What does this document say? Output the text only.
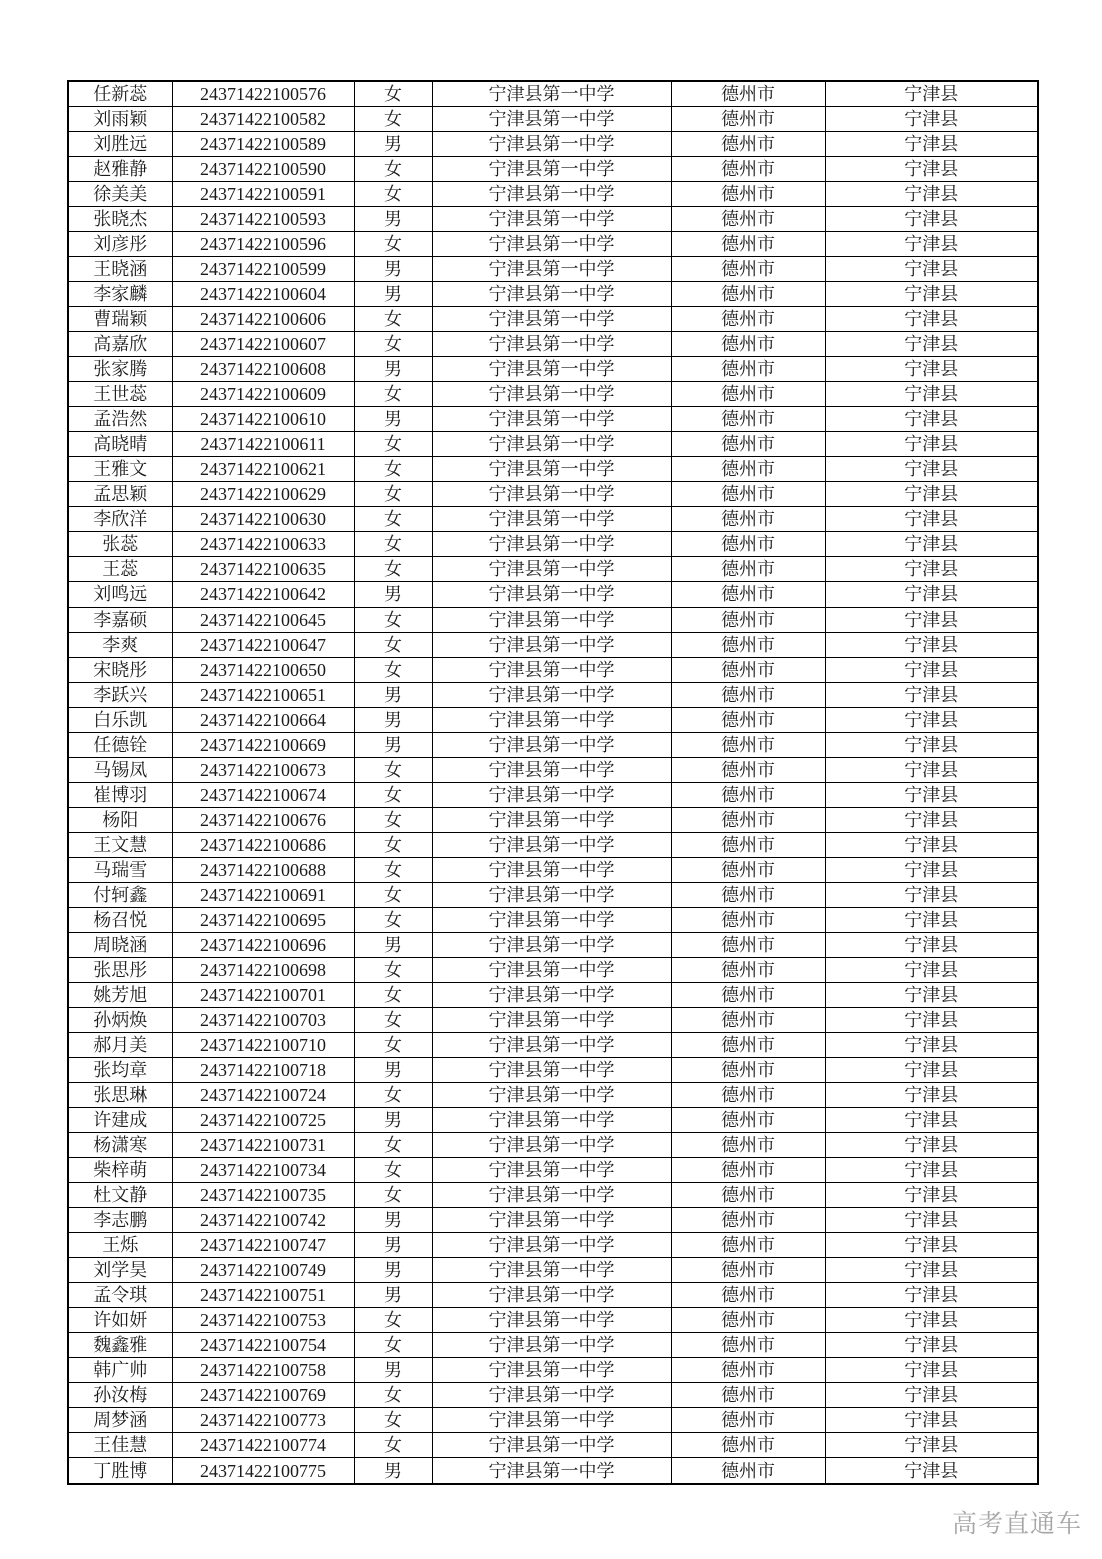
任新蕊	24371422100576	女	宁津县第一中学	德州市	宁津县
刘雨颖	24371422100582	女	宁津县第一中学	德州市	宁津县
刘胜远	24371422100589	男	宁津县第一中学	德州市	宁津县
赵雅静	24371422100590	女	宁津县第一中学	德州市	宁津县
徐美美	24371422100591	女	宁津县第一中学	德州市	宁津县
张晓杰	24371422100593	男	宁津县第一中学	德州市	宁津县
刘彦彤	24371422100596	女	宁津县第一中学	德州市	宁津县
王晓涵	24371422100599	男	宁津县第一中学	德州市	宁津县
李家麟	24371422100604	男	宁津县第一中学	德州市	宁津县
曹瑞颖	24371422100606	女	宁津县第一中学	德州市	宁津县
高嘉欣	24371422100607	女	宁津县第一中学	德州市	宁津县
张家腾	24371422100608	男	宁津县第一中学	德州市	宁津县
王世蕊	24371422100609	女	宁津县第一中学	德州市	宁津县
孟浩然	24371422100610	男	宁津县第一中学	德州市	宁津县
高晓晴	24371422100611	女	宁津县第一中学	德州市	宁津县
王雅文	24371422100621	女	宁津县第一中学	德州市	宁津县
孟思颖	24371422100629	女	宁津县第一中学	德州市	宁津县
李欣洋	24371422100630	女	宁津县第一中学	德州市	宁津县
张蕊	24371422100633	女	宁津县第一中学	德州市	宁津县
王蕊	24371422100635	女	宁津县第一中学	德州市	宁津县
刘鸣远	24371422100642	男	宁津县第一中学	德州市	宁津县
李嘉硕	24371422100645	女	宁津县第一中学	德州市	宁津县
李爽	24371422100647	女	宁津县第一中学	德州市	宁津县
宋晓彤	24371422100650	女	宁津县第一中学	德州市	宁津县
李跃兴	24371422100651	男	宁津县第一中学	德州市	宁津县
白乐凯	24371422100664	男	宁津县第一中学	德州市	宁津县
任德铨	24371422100669	男	宁津县第一中学	德州市	宁津县
马锡凤	24371422100673	女	宁津县第一中学	德州市	宁津县
崔博羽	24371422100674	女	宁津县第一中学	德州市	宁津县
杨阳	24371422100676	女	宁津县第一中学	德州市	宁津县
王文慧	24371422100686	女	宁津县第一中学	德州市	宁津县
马瑞雪	24371422100688	女	宁津县第一中学	德州市	宁津县
付轲鑫	24371422100691	女	宁津县第一中学	德州市	宁津县
杨召悦	24371422100695	女	宁津县第一中学	德州市	宁津县
周晓涵	24371422100696	男	宁津县第一中学	德州市	宁津县
张思彤	24371422100698	女	宁津县第一中学	德州市	宁津县
姚芳旭	24371422100701	女	宁津县第一中学	德州市	宁津县
孙炳焕	24371422100703	女	宁津县第一中学	德州市	宁津县
郝月美	24371422100710	女	宁津县第一中学	德州市	宁津县
张均章	24371422100718	男	宁津县第一中学	德州市	宁津县
张思琳	24371422100724	女	宁津县第一中学	德州市	宁津县
许建成	24371422100725	男	宁津县第一中学	德州市	宁津县
杨潇寒	24371422100731	女	宁津县第一中学	德州市	宁津县
柴梓萌	24371422100734	女	宁津县第一中学	德州市	宁津县
杜文静	24371422100735	女	宁津县第一中学	德州市	宁津县
李志鹏	24371422100742	男	宁津县第一中学	德州市	宁津县
王烁	24371422100747	男	宁津县第一中学	德州市	宁津县
刘学昊	24371422100749	男	宁津县第一中学	德州市	宁津县
孟令琪	24371422100751	男	宁津县第一中学	德州市	宁津县
许如妍	24371422100753	女	宁津县第一中学	德州市	宁津县
魏鑫雅	24371422100754	女	宁津县第一中学	德州市	宁津县
韩广帅	24371422100758	男	宁津县第一中学	德州市	宁津县
孙汝梅	24371422100769	女	宁津县第一中学	德州市	宁津县
周梦涵	24371422100773	女	宁津县第一中学	德州市	宁津县
王佳慧	24371422100774	女	宁津县第一中学	德州市	宁津县
丁胜博	24371422100775	男	宁津县第一中学	德州市	宁津县
高考直通车
